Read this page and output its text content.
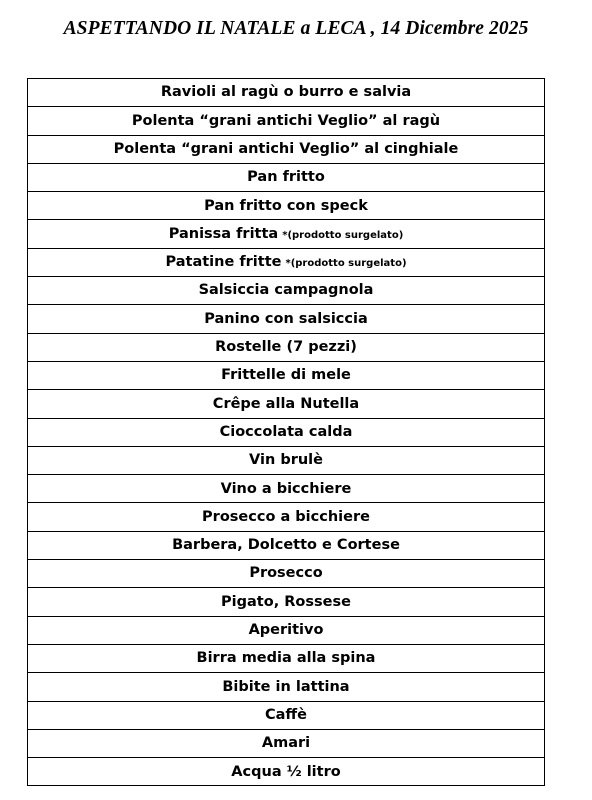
ASPETTANDO IL NATALE a LECA , 14 Dicembre 2025
Ravioli al ragù o burro e salvia
Polenta “grani antichi Veglio” al ragù
Polenta “grani antichi Veglio” al cinghiale
Pan fritto
Pan fritto con speck
Panissa fritta *(prodotto surgelato)
Patatine fritte *(prodotto surgelato)
Salsiccia campagnola
Panino con salsiccia
Rostelle (7 pezzi)
Frittelle di mele
Crêpe alla Nutella
Cioccolata calda
Vin brulè
Vino a bicchiere
Prosecco a bicchiere
Barbera, Dolcetto e Cortese
Prosecco
Pigato, Rossese
Aperitivo
Birra media alla spina
Bibite in lattina
Caffè
Amari
Acqua ½ litro
